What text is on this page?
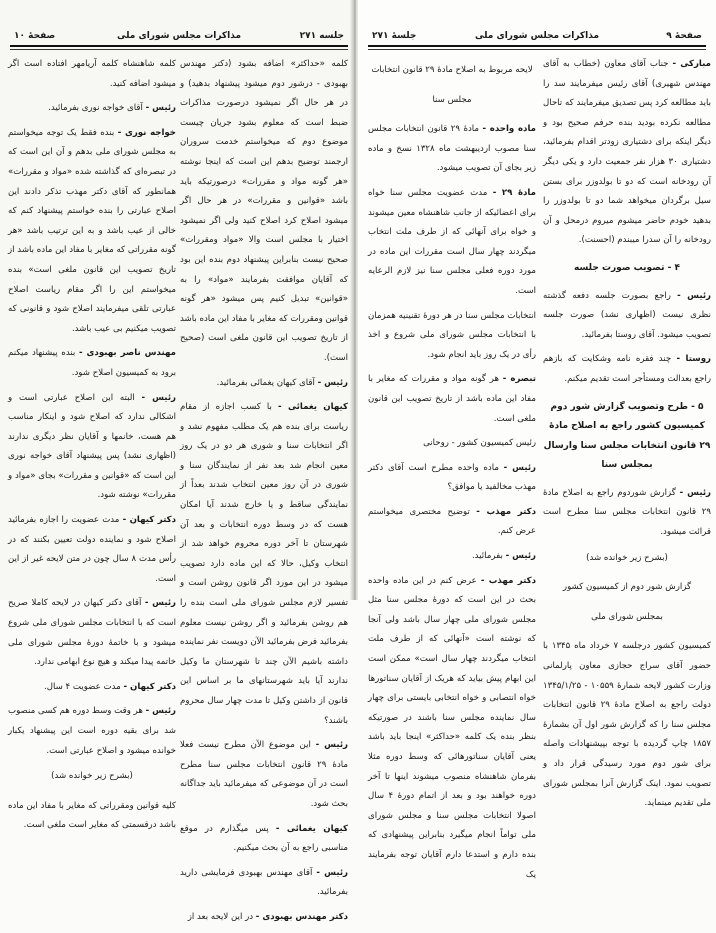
جلسه ۲۷۱
مذاکرات مجلس شورای ملی
صفحهٔ ۱۰

کلمه «حداکثر» اضافه بشود (دکتر مهندس بهبودی - درشور دوم میشود پیشنهاد بدهید) و در هر حال اگر نمیشود درصورت مذاکرات ضبط است که معلوم بشود جریان چیست موضوع دوم که میخواستم خدمت سروران ارجمند توضیح بدهم این است که اینجا نوشته «هر گونه مواد و مقررات» درصورتیکه باید باشد «قوانین و مقررات» در هر حال اگر میشود اصلاح کرد اصلاح کنید ولی اگر نمیشود اختیار با مجلس است والا «مواد ومقررات» صحیح نیست بنابراین پیشنهاد دوم بنده این بود که آقایان موافقت بفرمایند «مواد» را به «قوانین» تبدیل کنیم پس میشود «هر گونه قوانین ومقررات که مغایر با مفاد این ماده باشد از تاریخ تصویب این قانون ملغی است (صحیح است).

رئیس - آقای کیهان یغمائی بفرمائید.

کیهان یغمائی - با کسب اجازه از مقام ریاست برای بنده هم یک مطلب مفهوم نشد و اگر انتخابات سنا و شوری هر دو در یک روز معین انجام شد بعد نفر از نمایندگان سنا و شوری در آن روز معین انتخاب شدند بعداً از نمایندگی ساقط و یا خارج شدند آیا امکان هست که در وسط دوره انتخابات و بعد آن شهرستان تا آخر دوره محروم خواهد شد از انتخاب وکیل، حالا که این ماده دارد تصویب میشود در این مورد اگر قانون روشن است و تفسیر لازم مجلس شورای ملی است بنده را هم روشن بفرمائید و اگر روشن نیست معلوم بفرمائید فرض بفرمائید الآن دویست نفر نماینده داشته باشیم الآن چند تا شهرستان ما وکیل ندارند آیا باید شهرستانهای ما بر اساس این قانون از داشتن وکیل تا مدت چهار سال محروم باشند؟

رئیس - این موضوع الآن مطرح نیست فعلا مادهٔ ۲۹ قانون انتخابات مجلس سنا مطرح است در آن موضوعی که میفرمائید باید جداگانه بحث شود.

کیهان یغمائی - پس میگذارم در موقع مناسبی راجع به آن بحث میکنیم.

رئیس - آقای مهندس بهبودی فرمایشی دارید بفرمائید.

دکتر مهندس بهبودی - در این لایحه بعد از

کلمه شاهنشاه کلمه آریامهر افتاده است اگر میشود اضافه کنید.

رئیس - آقای خواجه نوری بفرمائید.

خواجه نوری - بنده فقط یک توجه میخواستم به مجلس شورای ملی بدهم و آن این است که در تبصره‌ای که گذاشته شده «مواد و مقررات» همانطور که آقای دکتر مهذب تذکر دادند این اصلاح عبارتی را بنده خواستم پیشنهاد کنم که خالی از عیب باشد و به این ترتیب باشد «هر گونه مقرراتی که مغایر با مفاد این ماده باشد از تاریخ تصویب این قانون ملغی است» بنده میخواستم این را اگر مقام ریاست اصلاح عبارتی تلقی میفرمایند اصلاح شود و قانونی که تصویب میکنیم بی عیب باشد.

مهندس ناصر بهبودی - بنده پیشنهاد میکنم برود به کمیسیون اصلاح شود.

رئیس - البته این اصلاح عبارتی است و اشکالی ندارد که اصلاح شود و اینکار مناسب هم هست، خانمها و آقایان نظر دیگری ندارند (اظهاری نشد) پس پیشنهاد آقای خواجه نوری این است که «قوانین و مقررات» بجای «مواد و مقررات» نوشته شود.

دکتر کیهان - مدت عضویت را اجازه بفرمائید اصلاح شود و نماینده دولت تعیین بکنند که در رأس مدت ۸ سال چون در متن لایحه غیر از این است.

رئیس - آقای دکتر کیهان در لایحه کاملا صریح است که با انتخابات مجلس شورای ملی شروع میشود و با خاتمهٔ دورهٔ مجلس شورای ملی خاتمه پیدا میکند و هیچ نوع ابهامی ندارد.

دکتر کیهان - مدت عضویت ۴ سال.

رئیس - هر وقت وسط دوره هم کسی منصوب شد برای بقیه دوره است این پیشنهاد یکبار خوانده میشود و اصلاح عبارتی است.

(بشرح زیر خوانده شد)

کلیه قوانین ومقرراتی که مغایر با مفاد این ماده باشد درقسمتی که مغایر است ملغی است.

صفحهٔ ۹
مذاکرات مجلس شورای ملی
جلسهٔ ۲۷۱

مبارکی - جناب آقای معاون (خطاب به آقای مهندس شهیری) آقای رئیس میفرمایند سد را باید مطالعه کرد پس تصدیق میفرمایند که تاحال مطالعه نکرده بودید بنده حرفم صحیح بود و دیگر اینکه برای دشتیاری زودتر اقدام بفرمائید، دشتیاری ۳۰ هزار نفر جمعیت دارد و یکی دیگر آن رودخانه است که دو تا بولدوزر برای بستن سیل برگردان میخواهد شما دو تا بولدوزر را بدهید خودم حاضر میشوم میروم درمحل و آن رودخانه را آن سدرا میبندم (احسنت).

۴ - تصویب صورت جلسه

رئیس - راجع بصورت جلسه دفعه گذشته نظری نیست (اظهاری نشد) صورت جلسه تصویب میشود. آقای روستا بفرمائید.

روستا - چند فقره نامه وشکایت که بازهم راجع بعدالت ومستأجر است تقدیم میکنم.

۵ - طرح وتصویب گزارش شور دوم کمیسیون کشور راجع به اصلاح مادهٔ ۲۹ قانون انتخابات مجلس سنا وارسال بمجلس سنا

رئیس - گزارش شوردوم راجع به اصلاح مادهٔ ۲۹ قانون انتخابات مجلس سنا مطرح است قرائت میشود.

(بشرح زیر خوانده شد)

گزارش شور دوم از کمیسیون کشور

بمجلس شورای ملی

کمیسیون کشور درجلسه ۷ خرداد ماه ۱۳۴۵ با حضور آقای سراج حجازی معاون پارلمانی وزارت کشور لایحه شمارهٔ ۱۰۵۵۹ - ۱۳۴۵/۱/۲۵ دولت راجع به اصلاح مادهٔ ۲۹ قانون انتخابات مجلس سنا را که گزارش شور اول آن بشمارهٔ ۱۸۵۷ چاپ گردیده با توجه بپیشنهادات واصله برای شور دوم مورد رسیدگی قرار داد و تصویب نمود. اینک گزارش آنرا بمجلس شورای ملی تقدیم مینماید.

لایحه مربوط به اصلاح مادهٔ ۲۹ قانون انتخابات

مجلس سنا

ماده واحده - مادهٔ ۲۹ قانون انتخابات مجلس سنا مصوب اردیبهشت ماه ۱۳۲۸ نسخ و ماده زیر بجای آن تصویب میشود.

مادهٔ ۲۹ - مدت عضویت مجلس سنا خواه برای اعضائیکه از جانب شاهنشاه معین میشوند و خواه برای آنهائی که از طرف ملت انتخاب میگردند چهار سال است مقررات این ماده در مورد دوره فعلی مجلس سنا نیز لازم الرعایه است.

انتخابات مجلس سنا در هر دورهٔ تقنینیه همزمان با انتخابات مجلس شورای ملی شروع و اخذ رأی در یک روز باید انجام شود.

تبصره - هر گونه مواد و مقررات که مغایر با مفاد این ماده باشد از تاریخ تصویب این قانون ملغی است.

رئیس کمیسیون کشور - روحانی

رئیس - ماده واحده مطرح است آقای دکتر مهذب مخالفید یا موافق؟

دکتر مهذب - توضیح مختصری میخواستم عرض کنم.

رئیس - بفرمائید.

دکتر مهذب - عرض کنم در این ماده واحده بحث در این است که دورهٔ مجلس سنا مثل مجلس شورای ملی چهار سال باشد ولی آنجا که نوشته است «آنهائی که از طرف ملت انتخاب میگردند چهار سال است» ممکن است این ابهام پیش بیاید که هریک از آقایان سناتورها خواه انتصابی و خواه انتخابی بایستی برای چهار سال نماینده مجلس سنا باشند در صورتیکه بنظر بنده یک کلمه «حداکثر» اینجا باید باشد یعنی آقایان سناتورهائی که وسط دوره مثلا بفرمان شاهنشاه منصوب میشوند اینها تا آخر دوره خواهند بود و بعد از اتمام دورهٔ ۴ سال اصولا انتخابات مجلس سنا و مجلس شورای ملی تواماً انجام میگیرد بنابراین پیشنهادی که بنده دارم و استدعا دارم آقایان توجه بفرمایند یک
